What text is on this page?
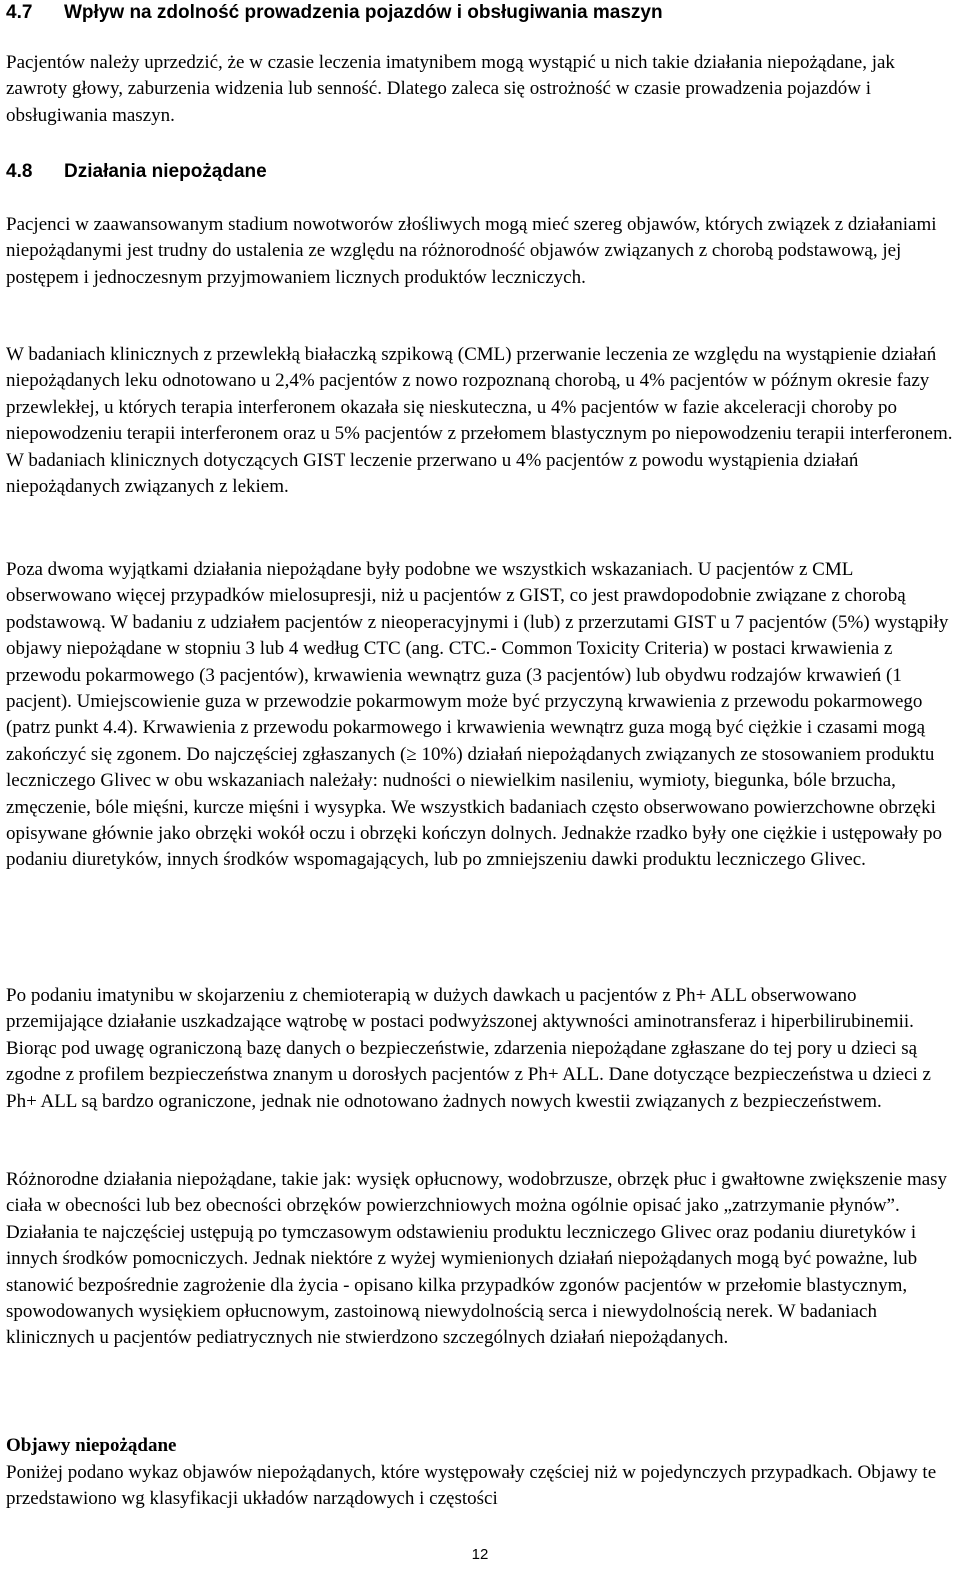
4.7 Wpływ na zdolność prowadzenia pojazdów i obsługiwania maszyn

Pacjentów należy uprzedzić, że w czasie leczenia imatynibem mogą wystąpić u nich takie działania niepożądane, jak zawroty głowy, zaburzenia widzenia lub senność. Dlatego zaleca się ostrożność w czasie prowadzenia pojazdów i obsługiwania maszyn.

4.8 Działania niepożądane

Pacjenci w zaawansowanym stadium nowotworów złośliwych mogą mieć szereg objawów, których związek z działaniami niepożądanymi jest trudny do ustalenia ze względu na różnorodność objawów związanych z chorobą podstawową, jej postępem i jednoczesnym przyjmowaniem licznych produktów leczniczych.

W badaniach klinicznych z przewlekłą białaczką szpikową (CML) przerwanie leczenia ze względu na wystąpienie działań niepożądanych leku odnotowano u 2,4% pacjentów z nowo rozpoznaną chorobą, u 4% pacjentów w późnym okresie fazy przewlekłej, u których terapia interferonem okazała się nieskuteczna, u 4% pacjentów w fazie akceleracji choroby po niepowodzeniu terapii interferonem oraz u 5% pacjentów z przełomem blastycznym po niepowodzeniu terapii interferonem. W badaniach klinicznych dotyczących GIST leczenie przerwano u 4% pacjentów z powodu wystąpienia działań niepożądanych związanych z lekiem.

Poza dwoma wyjątkami działania niepożądane były podobne we wszystkich wskazaniach. U pacjentów z CML obserwowano więcej przypadków mielosupresji, niż u pacjentów z GIST, co jest prawdopodobnie związane z chorobą podstawową. W badaniu z udziałem pacjentów z nieoperacyjnymi i (lub) z przerzutami GIST u 7 pacjentów (5%) wystąpiły objawy niepożądane w stopniu 3 lub 4 według CTC (ang. CTC.- Common Toxicity Criteria) w postaci krwawienia z przewodu pokarmowego (3 pacjentów), krwawienia wewnątrz guza (3 pacjentów) lub obydwu rodzajów krwawień (1 pacjent). Umiejscowienie guza w przewodzie pokarmowym może być przyczyną krwawienia z przewodu pokarmowego (patrz punkt 4.4). Krwawienia z przewodu pokarmowego i krwawienia wewnątrz guza mogą być ciężkie i czasami mogą zakończyć się zgonem. Do najczęściej zgłaszanych (≥ 10%) działań niepożądanych związanych ze stosowaniem produktu leczniczego Glivec w obu wskazaniach należały: nudności o niewielkim nasileniu, wymioty, biegunka, bóle brzucha, zmęczenie, bóle mięśni, kurcze mięśni i wysypka. We wszystkich badaniach często obserwowano powierzchowne obrzęki opisywane głównie jako obrzęki wokół oczu i obrzęki kończyn dolnych. Jednakże rzadko były one ciężkie i ustępowały po podaniu diuretyków, innych środków wspomagających, lub po zmniejszeniu dawki produktu leczniczego Glivec.

Po podaniu imatynibu w skojarzeniu z chemioterapią w dużych dawkach u pacjentów z Ph+ ALL obserwowano przemijające działanie uszkadzające wątrobę w postaci podwyższonej aktywności aminotransferaz i hiperbilirubinemii. Biorąc pod uwagę ograniczoną bazę danych o bezpieczeństwie, zdarzenia niepożądane zgłaszane do tej pory u dzieci są zgodne z profilem bezpieczeństwa znanym u dorosłych pacjentów z Ph+ ALL. Dane dotyczące bezpieczeństwa u dzieci z Ph+ ALL są bardzo ograniczone, jednak nie odnotowano żadnych nowych kwestii związanych z bezpieczeństwem.

Różnorodne działania niepożądane, takie jak: wysięk opłucnowy, wodobrzusze, obrzęk płuc i gwałtowne zwiększenie masy ciała w obecności lub bez obecności obrzęków powierzchniowych można ogólnie opisać jako „zatrzymanie płynów”. Działania te najczęściej ustępują po tymczasowym odstawieniu produktu leczniczego Glivec oraz podaniu diuretyków i innych środków pomocniczych. Jednak niektóre z wyżej wymienionych działań niepożądanych mogą być poważne, lub stanowić bezpośrednie zagrożenie dla życia - opisano kilka przypadków zgonów pacjentów w przełomie blastycznym, spowodowanych wysiękiem opłucnowym, zastoinową niewydolnością serca i niewydolnością nerek. W badaniach klinicznych u pacjentów pediatrycznych nie stwierdzono szczególnych działań niepożądanych.

Objawy niepożądane

Poniżej podano wykaz objawów niepożądanych, które występowały częściej niż w pojedynczych przypadkach. Objawy te przedstawiono wg klasyfikacji układów narządowych i częstości

12
